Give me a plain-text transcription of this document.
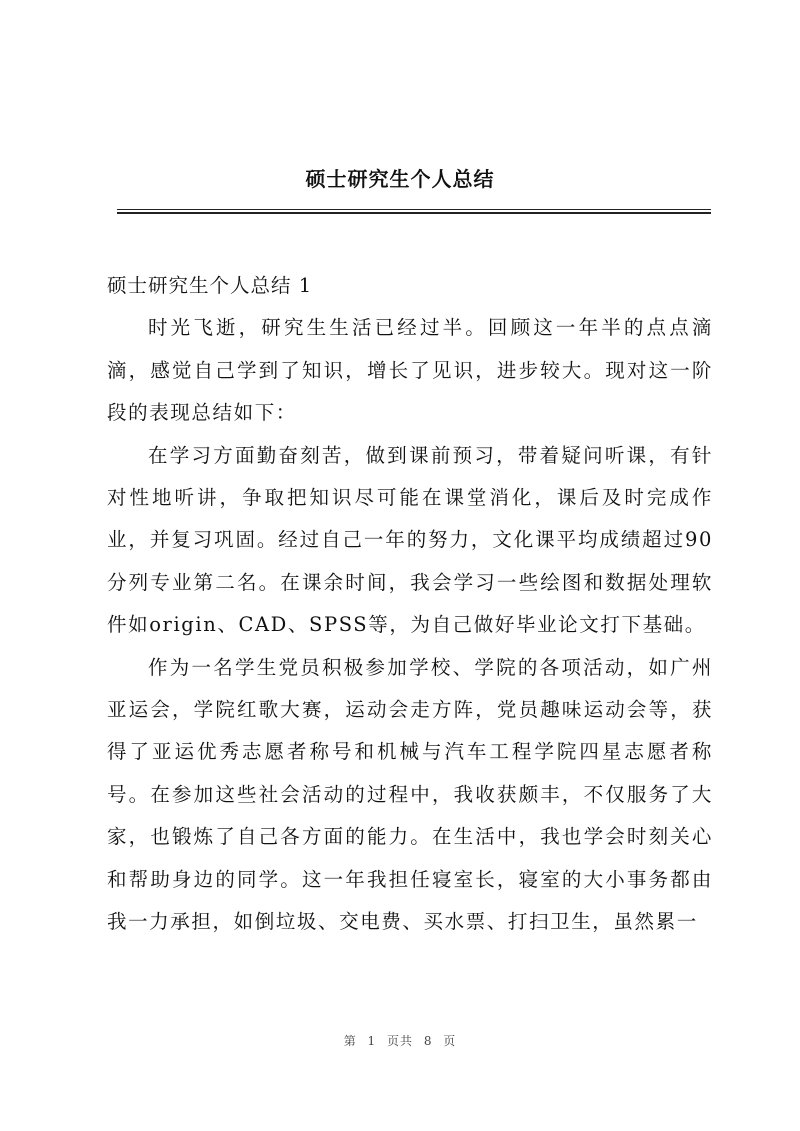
硕士研究生个人总结

硕士研究生个人总结 1

时光飞逝，研究生生活已经过半。回顾这一年半的点点滴滴，感觉自己学到了知识，增长了见识，进步较大。现对这一阶段的表现总结如下：

在学习方面勤奋刻苦，做到课前预习，带着疑问听课，有针对性地听讲，争取把知识尽可能在课堂消化，课后及时完成作业，并复习巩固。经过自己一年的努力，文化课平均成绩超过90分列专业第二名。在课余时间，我会学习一些绘图和数据处理软件如origin、CAD、SPSS等，为自己做好毕业论文打下基础。

作为一名学生党员积极参加学校、学院的各项活动，如广州亚运会，学院红歌大赛，运动会走方阵，党员趣味运动会等，获得了亚运优秀志愿者称号和机械与汽车工程学院四星志愿者称号。在参加这些社会活动的过程中，我收获颇丰，不仅服务了大家，也锻炼了自己各方面的能力。在生活中，我也学会时刻关心和帮助身边的同学。这一年我担任寝室长，寝室的大小事务都由我一力承担，如倒垃圾、交电费、买水票、打扫卫生，虽然累一

第 1 页共 8 页
